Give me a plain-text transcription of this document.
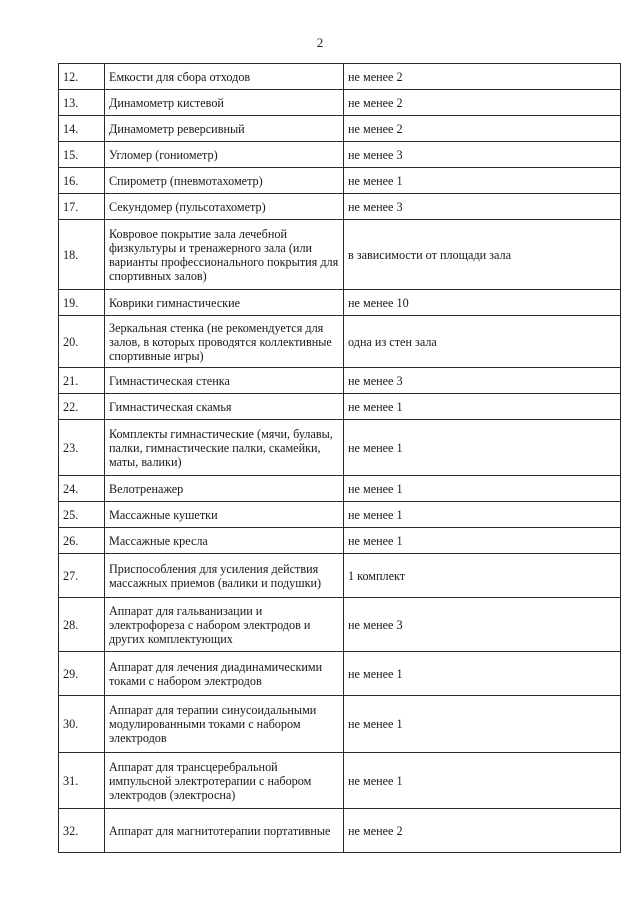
2
12.	Емкости для сбора отходов	не менее 2
13.	Динамометр кистевой	не менее 2
14.	Динамометр реверсивный	не менее 2
15.	Угломер (гониометр)	не менее 3
16.	Спирометр (пневмотахометр)	не менее 1
17.	Секундомер (пульсотахометр)	не менее 3
18.	Ковровое покрытие зала лечебной физкультуры и тренажерного зала (или варианты профессионального покрытия для спортивных залов)	в зависимости от площади зала
19.	Коврики гимнастические	не менее 10
20.	Зеркальная стенка (не рекомендуется для залов, в которых проводятся коллективные спортивные игры)	одна из стен зала
21.	Гимнастическая стенка	не менее 3
22.	Гимнастическая скамья	не менее 1
23.	Комплекты гимнастические (мячи, булавы, палки, гимнастические палки, скамейки, маты, валики)	не менее 1
24.	Велотренажер	не менее 1
25.	Массажные кушетки	не менее 1
26.	Массажные кресла	не менее 1
27.	Приспособления для усиления действия массажных приемов (валики и подушки)	1 комплект
28.	Аппарат для гальванизации и электрофореза с набором электродов и других комплектующих	не менее 3
29.	Аппарат для лечения диадинамическими токами с набором электродов	не менее 1
30.	Аппарат для терапии синусоидальными модулированными токами с набором электродов	не менее 1
31.	Аппарат для трансцеребральной импульсной электротерапии с набором электродов (электросна)	не менее 1
32.	Аппарат для магнитотерапии портативные	не менее 2
